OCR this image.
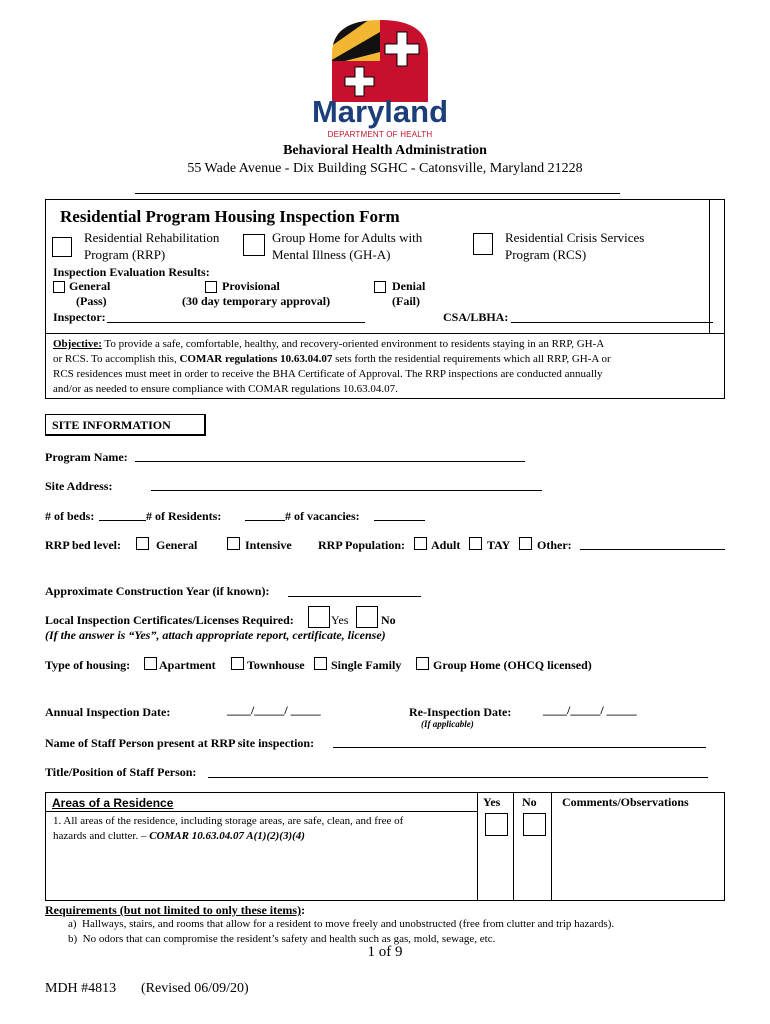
Maryland
DEPARTMENT OF HEALTH
Behavioral Health Administration
55 Wade Avenue - Dix Building SGHC - Catonsville, Maryland 21228
Residential Program Housing Inspection Form
Residential Rehabilitation
Program (RRP)
Group Home for Adults with
Mental Illness (GH-A)
Residential Crisis Services
Program (RCS)
Inspection Evaluation Results:
General
(Pass)
Provisional
(30 day temporary approval)
Denial
(Fail)
Inspector:	CSA/LBHA:
Objective: To provide a safe, comfortable, healthy, and recovery-oriented environment to residents staying in an RRP, GH-A
or RCS. To accomplish this, COMAR regulations 10.63.04.07 sets forth the residential requirements which all RRP, GH-A or
RCS residences must meet in order to receive the BHA Certificate of Approval. The RRP inspections are conducted annually
and/or as needed to ensure compliance with COMAR regulations 10.63.04.07.
SITE INFORMATION
Program Name:
Site Address:
# of beds:	# of Residents:	# of vacancies:
RRP bed level:	General	Intensive RRP Population: Adult TAY Other:
Approximate Construction Year (if known):
Local Inspection Certificates/Licenses Required:	Yes	No
(If the answer is “Yes”, attach appropriate report, certificate, license)
Type of housing: Apartment	Townhouse Single Family	Group Home (OHCQ licensed)
Annual Inspection Date:	____/_____/ _____	Re-Inspection Date:	____/_____/ _____
(If applicable)
Name of Staff Person present at RRP site inspection:
Title/Position of Staff Person:
Areas of a Residence	Yes No Comments/Observations
1. All areas of the residence, including storage areas, are safe, clean, and free of
hazards and clutter. – COMAR 10.63.04.07 A(1)(2)(3)(4)
Requirements (but not limited to only these items):
a) Hallways, stairs, and rooms that allow for a resident to move freely and unobstructed (free from clutter and trip hazards).
b) No odors that can compromise the resident’s safety and health such as gas, mold, sewage, etc.
1 of 9
MDH #4813 (Revised 06/09/20)
